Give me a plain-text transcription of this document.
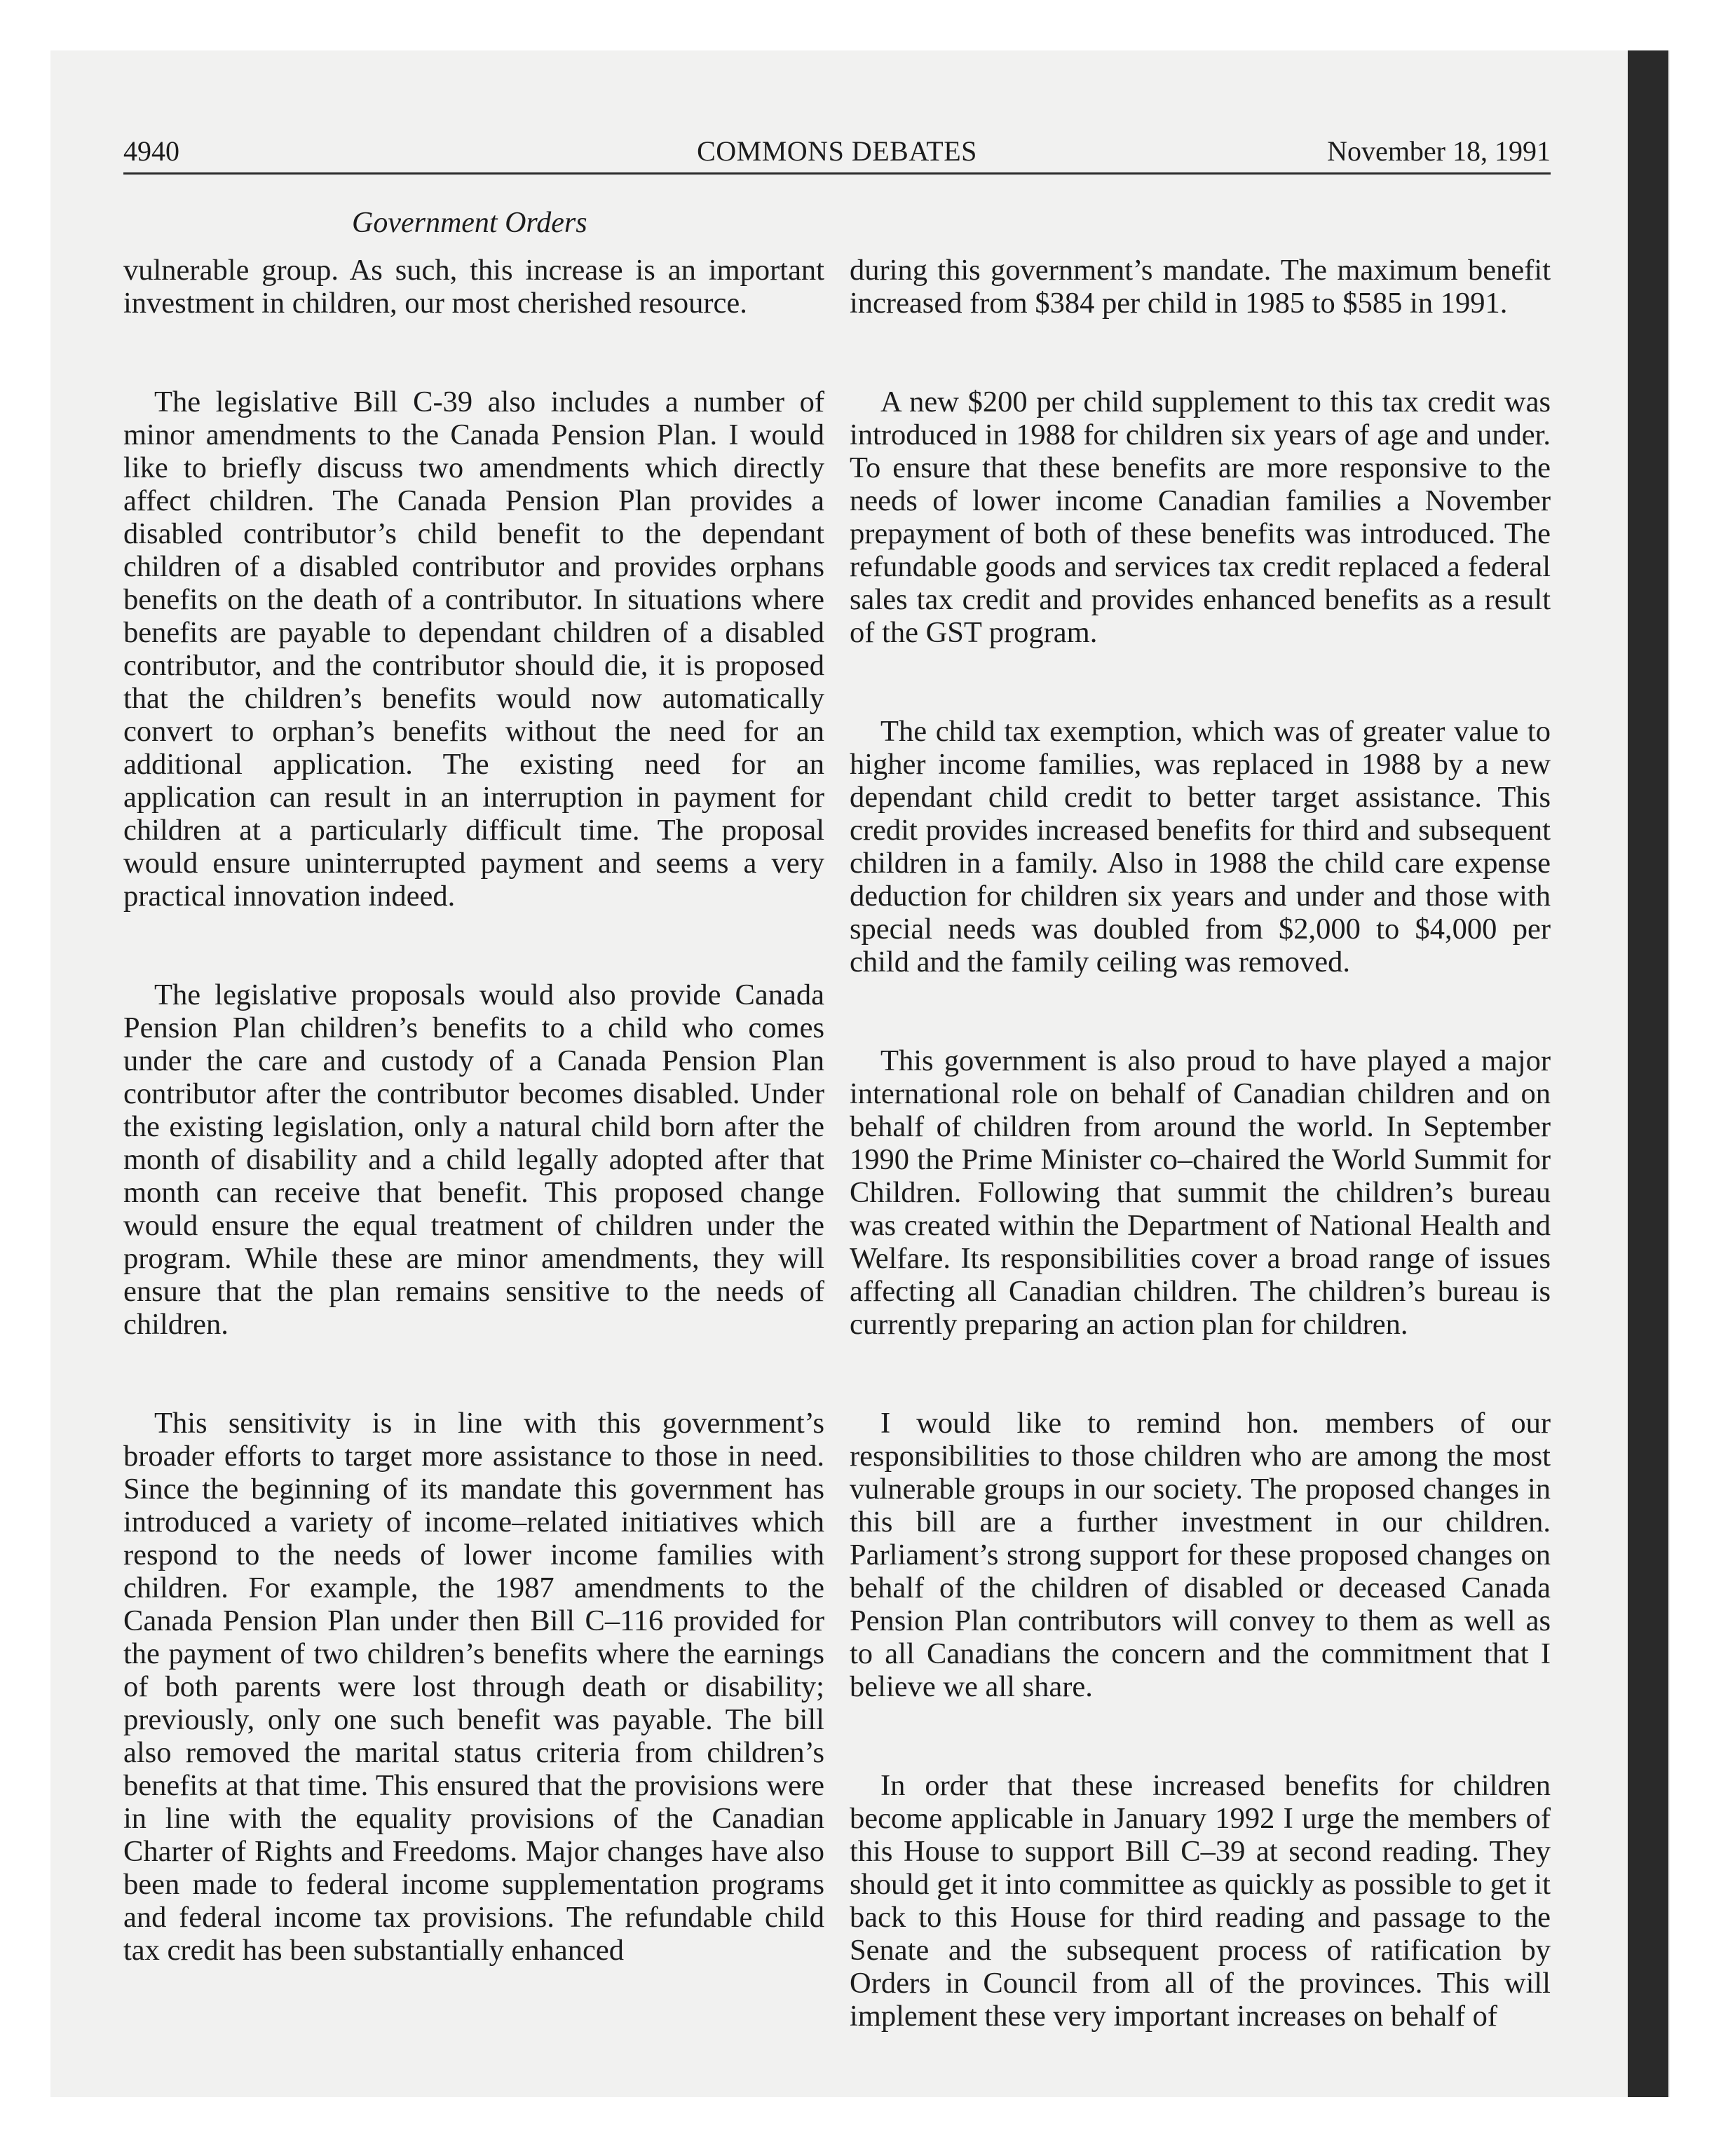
4940	COMMONS DEBATES	November 18, 1991
Government Orders

vulnerable group. As such, this increase is an important investment in children, our most cherished resource.

The legislative Bill C-39 also includes a number of minor amendments to the Canada Pension Plan. I would like to briefly discuss two amendments which directly affect children. The Canada Pension Plan provides a disabled contributor’s child benefit to the dependant children of a disabled contributor and provides orphans benefits on the death of a contributor. In situations where benefits are payable to dependant children of a disabled contributor, and the contributor should die, it is proposed that the children’s benefits would now automatically convert to orphan’s benefits without the need for an additional application. The existing need for an application can result in an interruption in payment for children at a particularly difficult time. The proposal would ensure uninterrupted payment and seems a very practical innovation indeed.

The legislative proposals would also provide Canada Pension Plan children’s benefits to a child who comes under the care and custody of a Canada Pension Plan contributor after the contributor becomes disabled. Under the existing legislation, only a natural child born after the month of disability and a child legally adopted after that month can receive that benefit. This proposed change would ensure the equal treatment of children under the program. While these are minor amendments, they will ensure that the plan remains sensitive to the needs of children.

This sensitivity is in line with this government’s broader efforts to target more assistance to those in need. Since the beginning of its mandate this government has introduced a variety of income–related initiatives which respond to the needs of lower income families with children. For example, the 1987 amendments to the Canada Pension Plan under then Bill C–116 provided for the payment of two children’s benefits where the earnings of both parents were lost through death or disability; previously, only one such benefit was payable. The bill also removed the marital status criteria from children’s benefits at that time. This ensured that the provisions were in line with the equality provisions of the Canadian Charter of Rights and Freedoms. Major changes have also been made to federal income supplementation programs and federal income tax provisions. The refundable child tax credit has been substantially enhanced

during this government’s mandate. The maximum benefit increased from $384 per child in 1985 to $585 in 1991.

A new $200 per child supplement to this tax credit was introduced in 1988 for children six years of age and under. To ensure that these benefits are more responsive to the needs of lower income Canadian families a November prepayment of both of these benefits was introduced. The refundable goods and services tax credit replaced a federal sales tax credit and provides enhanced benefits as a result of the GST program.

The child tax exemption, which was of greater value to higher income families, was replaced in 1988 by a new dependant child credit to better target assistance. This credit provides increased benefits for third and subsequent children in a family. Also in 1988 the child care expense deduction for children six years and under and those with special needs was doubled from $2,000 to $4,000 per child and the family ceiling was removed.

This government is also proud to have played a major international role on behalf of Canadian children and on behalf of children from around the world. In September 1990 the Prime Minister co–chaired the World Summit for Children. Following that summit the children’s bureau was created within the Department of National Health and Welfare. Its responsibilities cover a broad range of issues affecting all Canadian children. The children’s bureau is currently preparing an action plan for children.

I would like to remind hon. members of our responsibilities to those children who are among the most vulnerable groups in our society. The proposed changes in this bill are a further investment in our children. Parliament’s strong support for these proposed changes on behalf of the children of disabled or deceased Canada Pension Plan contributors will convey to them as well as to all Canadians the concern and the commitment that I believe we all share.

In order that these increased benefits for children become applicable in January 1992 I urge the members of this House to support Bill C–39 at second reading. They should get it into committee as quickly as possible to get it back to this House for third reading and passage to the Senate and the subsequent process of ratification by Orders in Council from all of the provinces. This will implement these very important increases on behalf of
